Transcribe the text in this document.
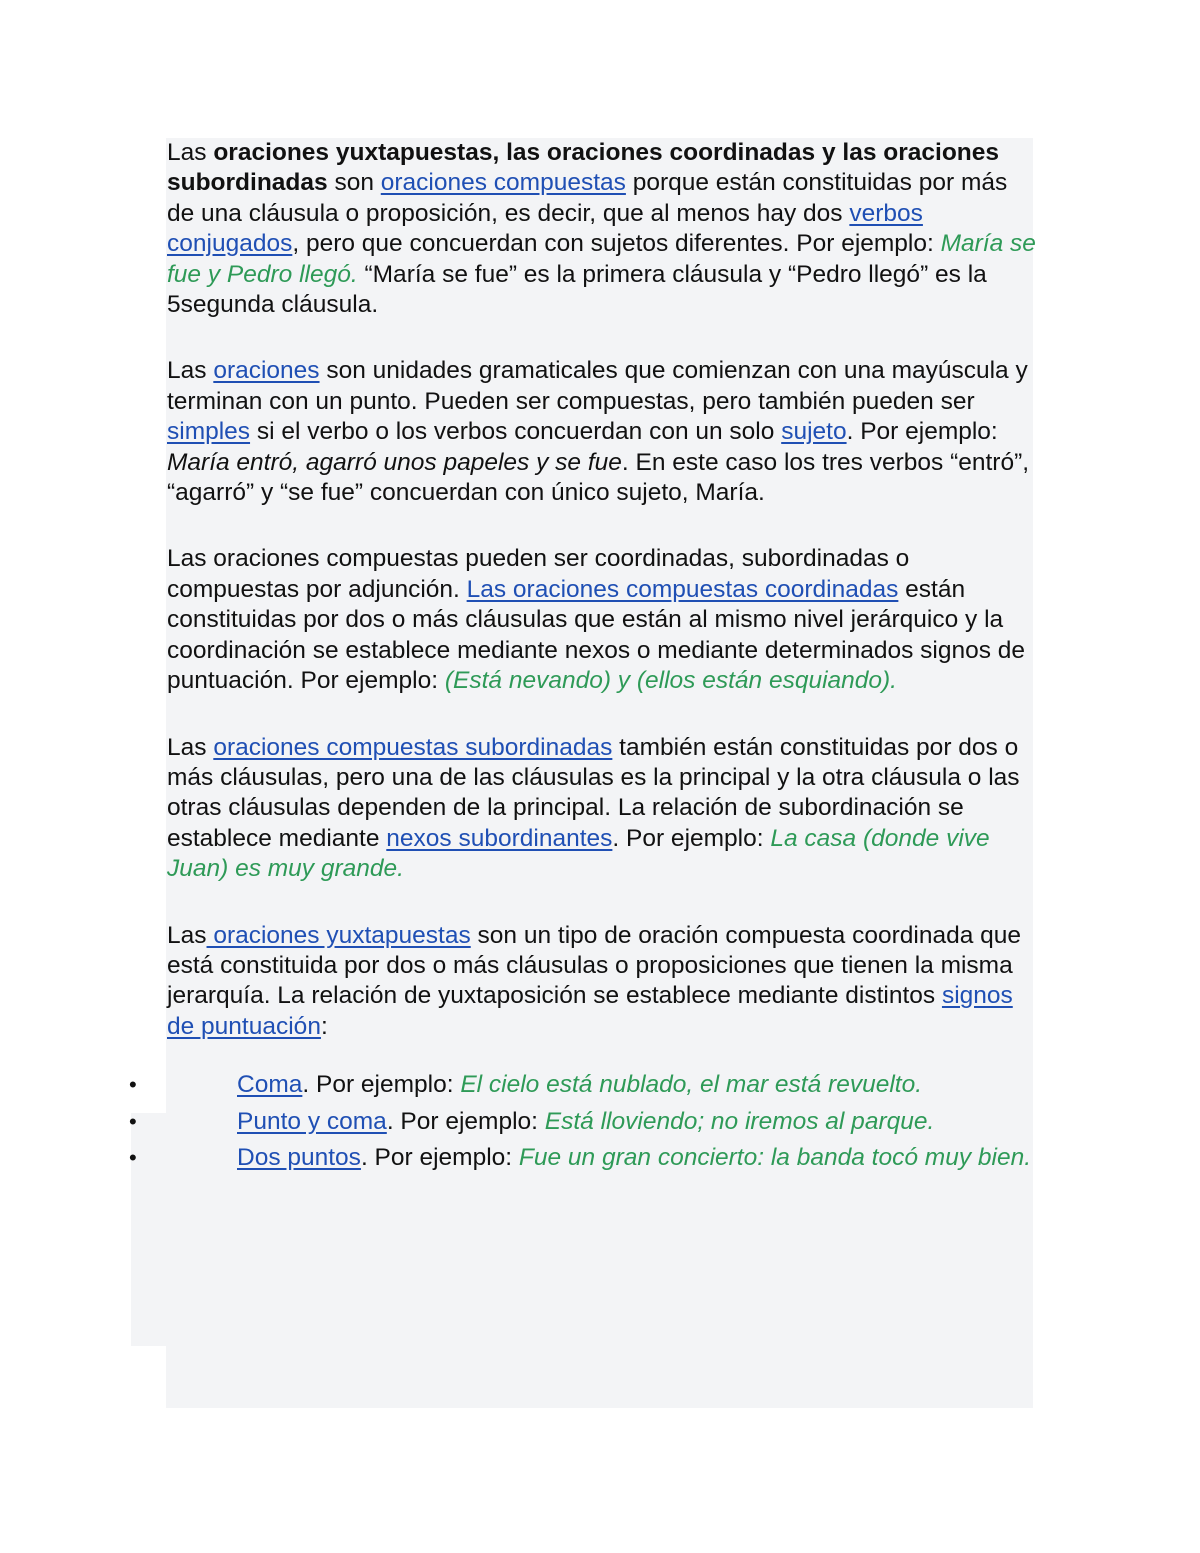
Las oraciones yuxtapuestas, las oraciones coordinadas y las oraciones subordinadas son oraciones compuestas porque están constituidas por más de una cláusula o proposición, es decir, que al menos hay dos verbos conjugados, pero que concuerdan con sujetos diferentes. Por ejemplo: María se fue y Pedro llegó. “María se fue” es la primera cláusula y “Pedro llegó” es la 5segunda cláusula.

Las oraciones son unidades gramaticales que comienzan con una mayúscula y terminan con un punto. Pueden ser compuestas, pero también pueden ser simples si el verbo o los verbos concuerdan con un solo sujeto. Por ejemplo: María entró, agarró unos papeles y se fue. En este caso los tres verbos “entró”, “agarró” y “se fue” concuerdan con único sujeto, María.

Las oraciones compuestas pueden ser coordinadas, subordinadas o compuestas por adjunción. Las oraciones compuestas coordinadas están constituidas por dos o más cláusulas que están al mismo nivel jerárquico y la coordinación se establece mediante nexos o mediante determinados signos de puntuación. Por ejemplo: (Está nevando) y (ellos están esquiando).

Las oraciones compuestas subordinadas también están constituidas por dos o más cláusulas, pero una de las cláusulas es la principal y la otra cláusula o las otras cláusulas dependen de la principal. La relación de subordinación se establece mediante nexos subordinantes. Por ejemplo: La casa (donde vive Juan) es muy grande.

Las oraciones yuxtapuestas son un tipo de oración compuesta coordinada que está constituida por dos o más cláusulas o proposiciones que tienen la misma jerarquía. La relación de yuxtaposición se establece mediante distintos signos de puntuación:

•	Coma. Por ejemplo: El cielo está nublado, el mar está revuelto.
•	Punto y coma. Por ejemplo: Está lloviendo; no iremos al parque.
•	Dos puntos. Por ejemplo: Fue un gran concierto: la banda tocó muy bien.
